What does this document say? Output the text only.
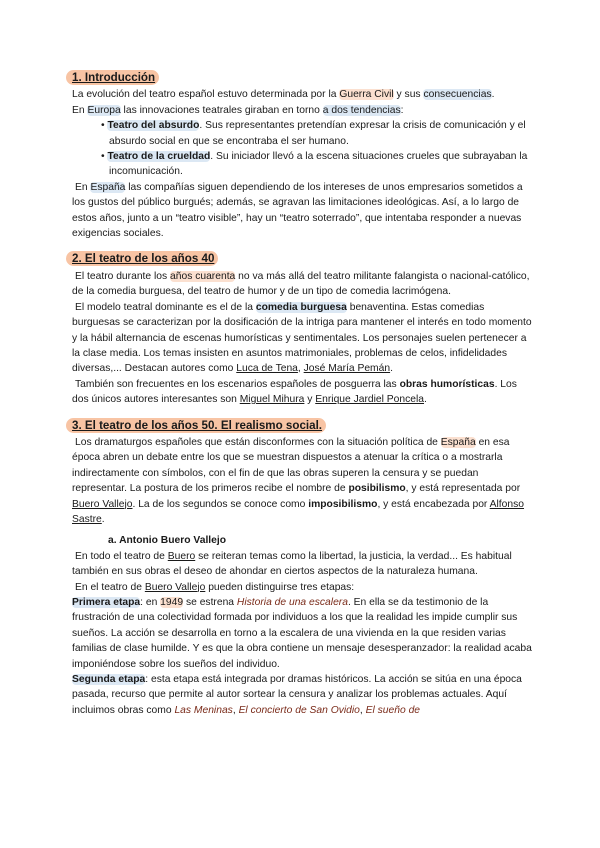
1. Introducción

La evolución del teatro español estuvo determinada por la Guerra Civil y sus consecuencias.

En Europa las innovaciones teatrales giraban en torno a dos tendencias:

• Teatro del absurdo. Sus representantes pretendían expresar la crisis de comunicación y el absurdo social en que se encontraba el ser humano.

• Teatro de la crueldad. Su iniciador llevó a la escena situaciones crueles que subrayaban la incomunicación.

En España las compañías siguen dependiendo de los intereses de unos empresarios sometidos a los gustos del público burgués; además, se agravan las limitaciones ideológicas. Así, a lo largo de estos años, junto a un “teatro visible”, hay un “teatro soterrado”, que intentaba responder a nuevas exigencias sociales.

2. El teatro de los años 40

El teatro durante los años cuarenta no va más allá del teatro militante falangista o nacional-católico, de la comedia burguesa, del teatro de humor y de un tipo de comedia lacrimógena.

El modelo teatral dominante es el de la comedia burguesa benaventina. Estas comedias burguesas se caracterizan por la dosificación de la intriga para mantener el interés en todo momento y la hábil alternancia de escenas humorísticas y sentimentales. Los personajes suelen pertenecer a la clase media. Los temas insisten en asuntos matrimoniales, problemas de celos, infidelidades diversas,... Destacan autores como Luca de Tena, José María Pemán.

También son frecuentes en los escenarios españoles de posguerra las obras humorísticas. Los dos únicos autores interesantes son Miguel Mihura y Enrique Jardiel Poncela.

3. El teatro de los años 50. El realismo social.

Los dramaturgos españoles que están disconformes con la situación política de España en esa época abren un debate entre los que se muestran dispuestos a atenuar la crítica o a mostrarla indirectamente con símbolos, con el fin de que las obras superen la censura y se puedan representar. La postura de los primeros recibe el nombre de posibilismo, y está representada por Buero Vallejo. La de los segundos se conoce como imposibilismo, y está encabezada por Alfonso Sastre.

a. Antonio Buero Vallejo

En todo el teatro de Buero se reiteran temas como la libertad, la justicia, la verdad... Es habitual también en sus obras el deseo de ahondar en ciertos aspectos de la naturaleza humana.

En el teatro de Buero Vallejo pueden distinguirse tres etapas:

Primera etapa: en 1949 se estrena Historia de una escalera. En ella se da testimonio de la frustración de una colectividad formada por individuos a los que la realidad les impide cumplir sus sueños. La acción se desarrolla en torno a la escalera de una vivienda en la que residen varias familias de clase humilde. Y es que la obra contiene un mensaje desesperanzador: la realidad acaba imponiéndose sobre los sueños del individuo.

Segunda etapa: esta etapa está integrada por dramas históricos. La acción se sitúa en una época pasada, recurso que permite al autor sortear la censura y analizar los problemas actuales. Aquí incluimos obras como Las Meninas, El concierto de San Ovidio, El sueño de
